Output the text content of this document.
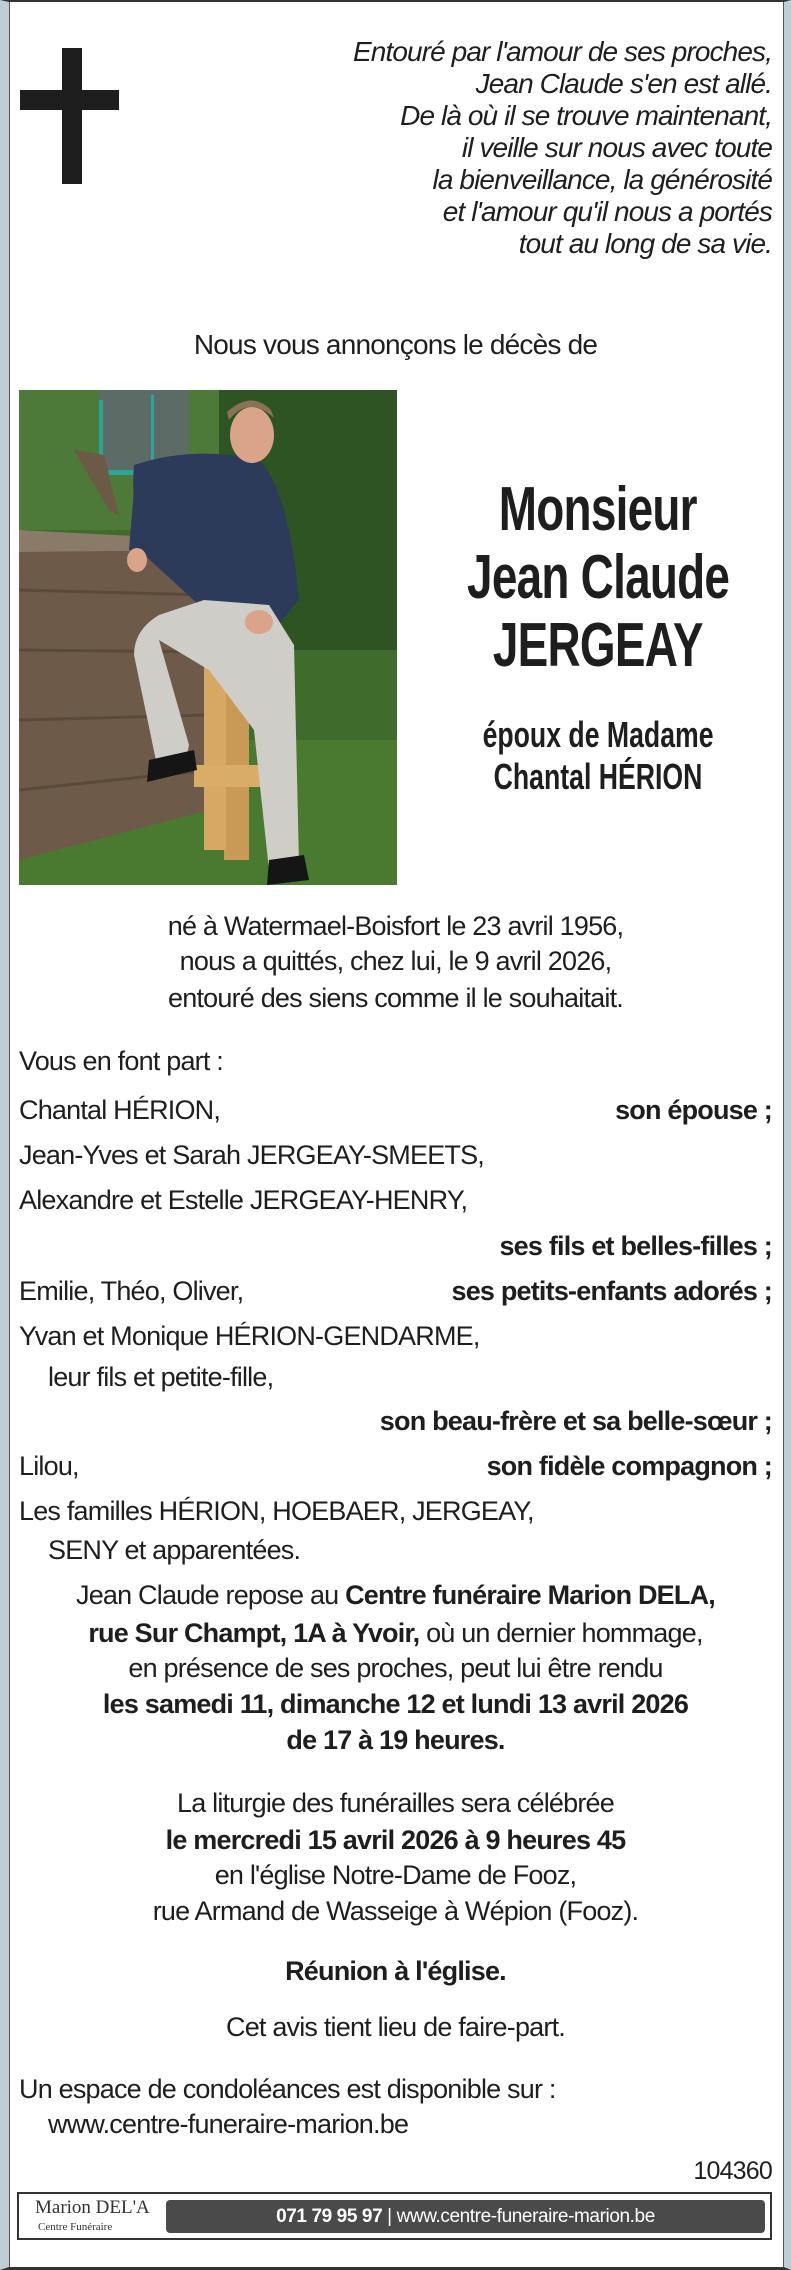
Entouré par l'amour de ses proches,
Jean Claude s'en est allé.
De là où il se trouve maintenant,
il veille sur nous avec toute
la bienveillance, la générosité
et l'amour qu'il nous a portés
tout au long de sa vie.
Nous vous annonçons le décès de
Monsieur
Jean Claude
JERGEAY
époux de Madame
Chantal HÉRION
né à Watermael-Boisfort le 23 avril 1956,
nous a quittés, chez lui, le 9 avril 2026,
entouré des siens comme il le souhaitait.
Vous en font part :
Chantal HÉRION,	son épouse ;
Jean-Yves et Sarah JERGEAY-SMEETS,
Alexandre et Estelle JERGEAY-HENRY,
ses fils et belles-filles ;
Emilie, Théo, Oliver,	ses petits-enfants adorés ;
Yvan et Monique HÉRION-GENDARME,
leur fils et petite-fille,
son beau-frère et sa belle-sœur ;
Lilou,	son fidèle compagnon ;
Les familles HÉRION, HOEBAER, JERGEAY,
SENY et apparentées.
Jean Claude repose au Centre funéraire Marion DELA,
rue Sur Champt, 1A à Yvoir, où un dernier hommage,
en présence de ses proches, peut lui être rendu
les samedi 11, dimanche 12 et lundi 13 avril 2026
de 17 à 19 heures.
La liturgie des funérailles sera célébrée
le mercredi 15 avril 2026 à 9 heures 45
en l'église Notre-Dame de Fooz,
rue Armand de Wasseige à Wépion (Fooz).
Réunion à l'église.
Cet avis tient lieu de faire-part.
Un espace de condoléances est disponible sur :
www.centre-funeraire-marion.be
104360
Marion DEL'A
Centre Funéraire	071 79 95 97 | www.centre-funeraire-marion.be
